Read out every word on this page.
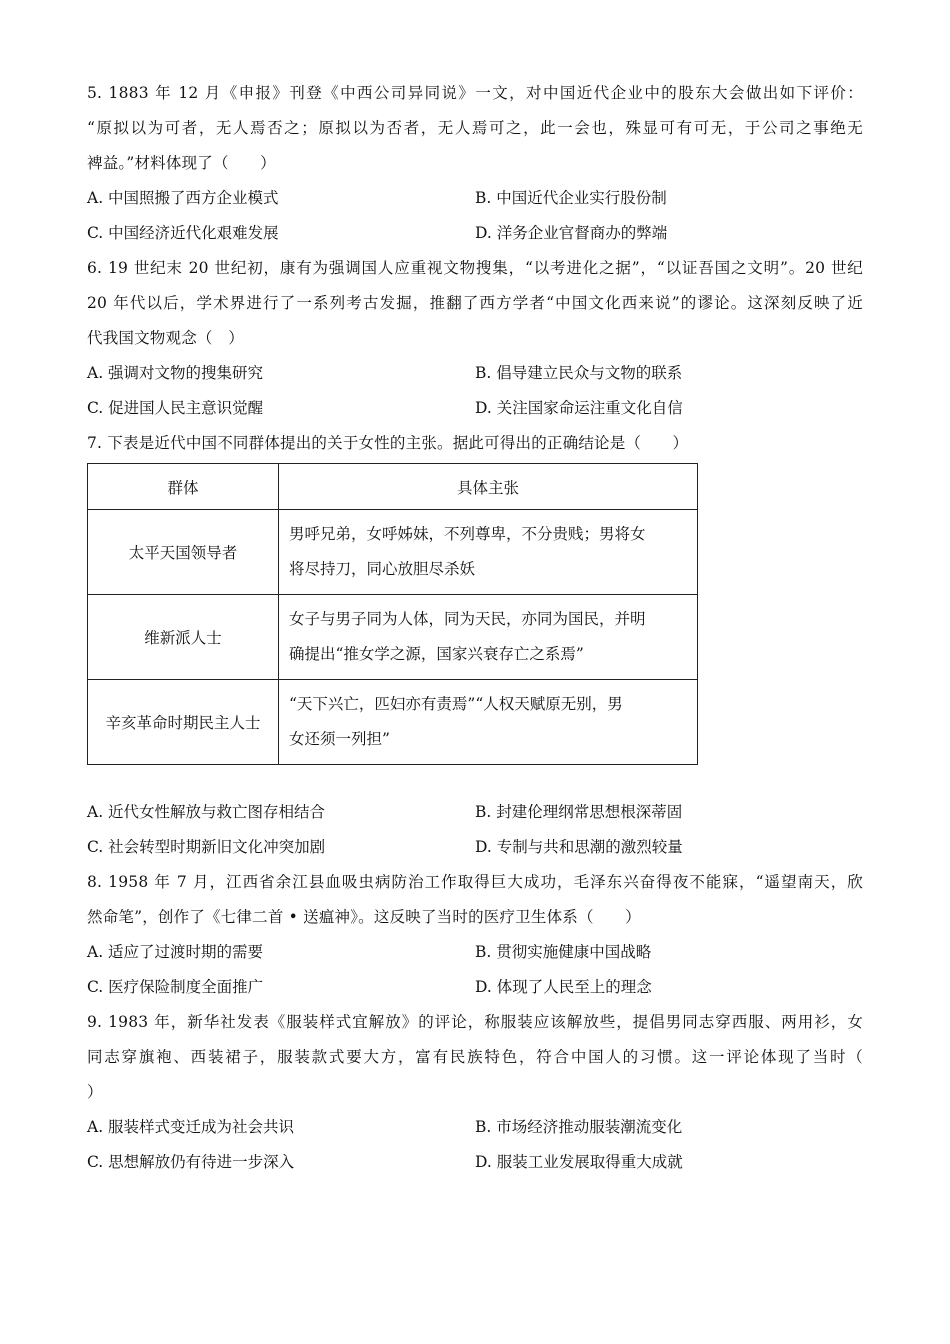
5. 1883 年 12 月《申报》刊登《中西公司异同说》一文，对中国近代企业中的股东大会做出如下评价：
“原拟以为可者，无人焉否之；原拟以为否者，无人焉可之，此一会也，殊显可有可无，于公司之事绝无
裨益。”材料体现了（　　）
A. 中国照搬了西方企业模式	B. 中国近代企业实行股份制
C. 中国经济近代化艰难发展	D. 洋务企业官督商办的弊端
6. 19 世纪末 20 世纪初，康有为强调国人应重视文物搜集，“以考进化之据”，“以证吾国之文明”。20 世纪
20 年代以后，学术界进行了一系列考古发掘，推翻了西方学者“中国文化西来说”的谬论。这深刻反映了近
代我国文物观念（　）
A. 强调对文物的搜集研究	B. 倡导建立民众与文物的联系
C. 促进国人民主意识觉醒	D. 关注国家命运注重文化自信
7. 下表是近代中国不同群体提出的关于女性的主张。据此可得出的正确结论是（　　）
群体	具体主张
太平天国领导者	男呼兄弟，女呼姊妹，不列尊卑，不分贵贱；男将女
将尽持刀，同心放胆尽杀妖

维新派人士	女子与男子同为人体，同为天民，亦同为国民，并明
确提出“推女学之源，国家兴衰存亡之系焉”

辛亥革命时期民主人士	“天下兴亡，匹妇亦有责焉”“人权天赋原无别，男
女还须一列担”
A. 近代女性解放与救亡图存相结合	B. 封建伦理纲常思想根深蒂固
C. 社会转型时期新旧文化冲突加剧	D. 专制与共和思潮的激烈较量
8. 1958 年 7 月，江西省余江县血吸虫病防治工作取得巨大成功，毛泽东兴奋得夜不能寐，“遥望南天，欣
然命笔”，创作了《七律二首 • 送瘟神》。这反映了当时的医疗卫生体系（　　）
A. 适应了过渡时期的需要	B. 贯彻实施健康中国战略
C. 医疗保险制度全面推广	D. 体现了人民至上的理念
9. 1983 年，新华社发表《服装样式宜解放》的评论，称服装应该解放些，提倡男同志穿西服、两用衫，女
同志穿旗袍、西装裙子，服装款式要大方，富有民族特色，符合中国人的习惯。这一评论体现了当时（
）
A. 服装样式变迁成为社会共识	B. 市场经济推动服装潮流变化
C. 思想解放仍有待进一步深入	D. 服装工业发展取得重大成就
